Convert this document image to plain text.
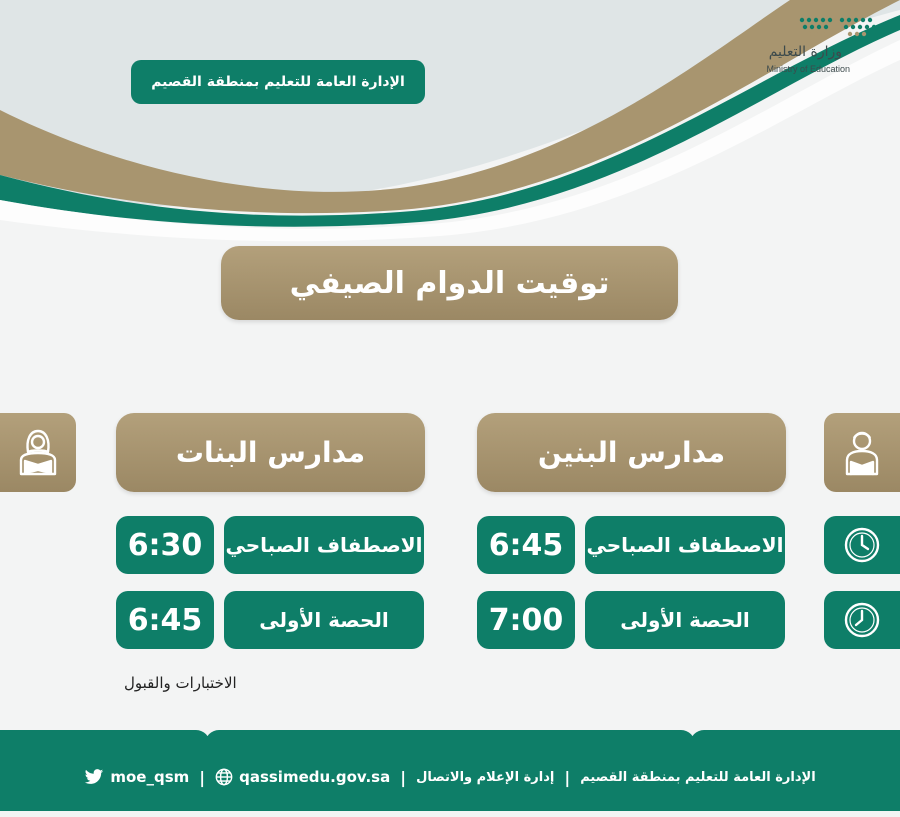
وزارة التعليم
Ministry of Education
الإدارة العامة للتعليم بمنطقة القصيم
توقيت الدوام الصيفي
مدارس البنين
مدارس البنات
الاصطفاف الصباحي
6:45
الحصة الأولى
7:00
الاصطفاف الصباحي
6:30
الحصة الأولى
6:45
الاختبارات والقبول
moe_qsm | qassimedu.gov.sa | إدارة الإعلام والاتصال | الإدارة العامة للتعليم بمنطقة القصيم
